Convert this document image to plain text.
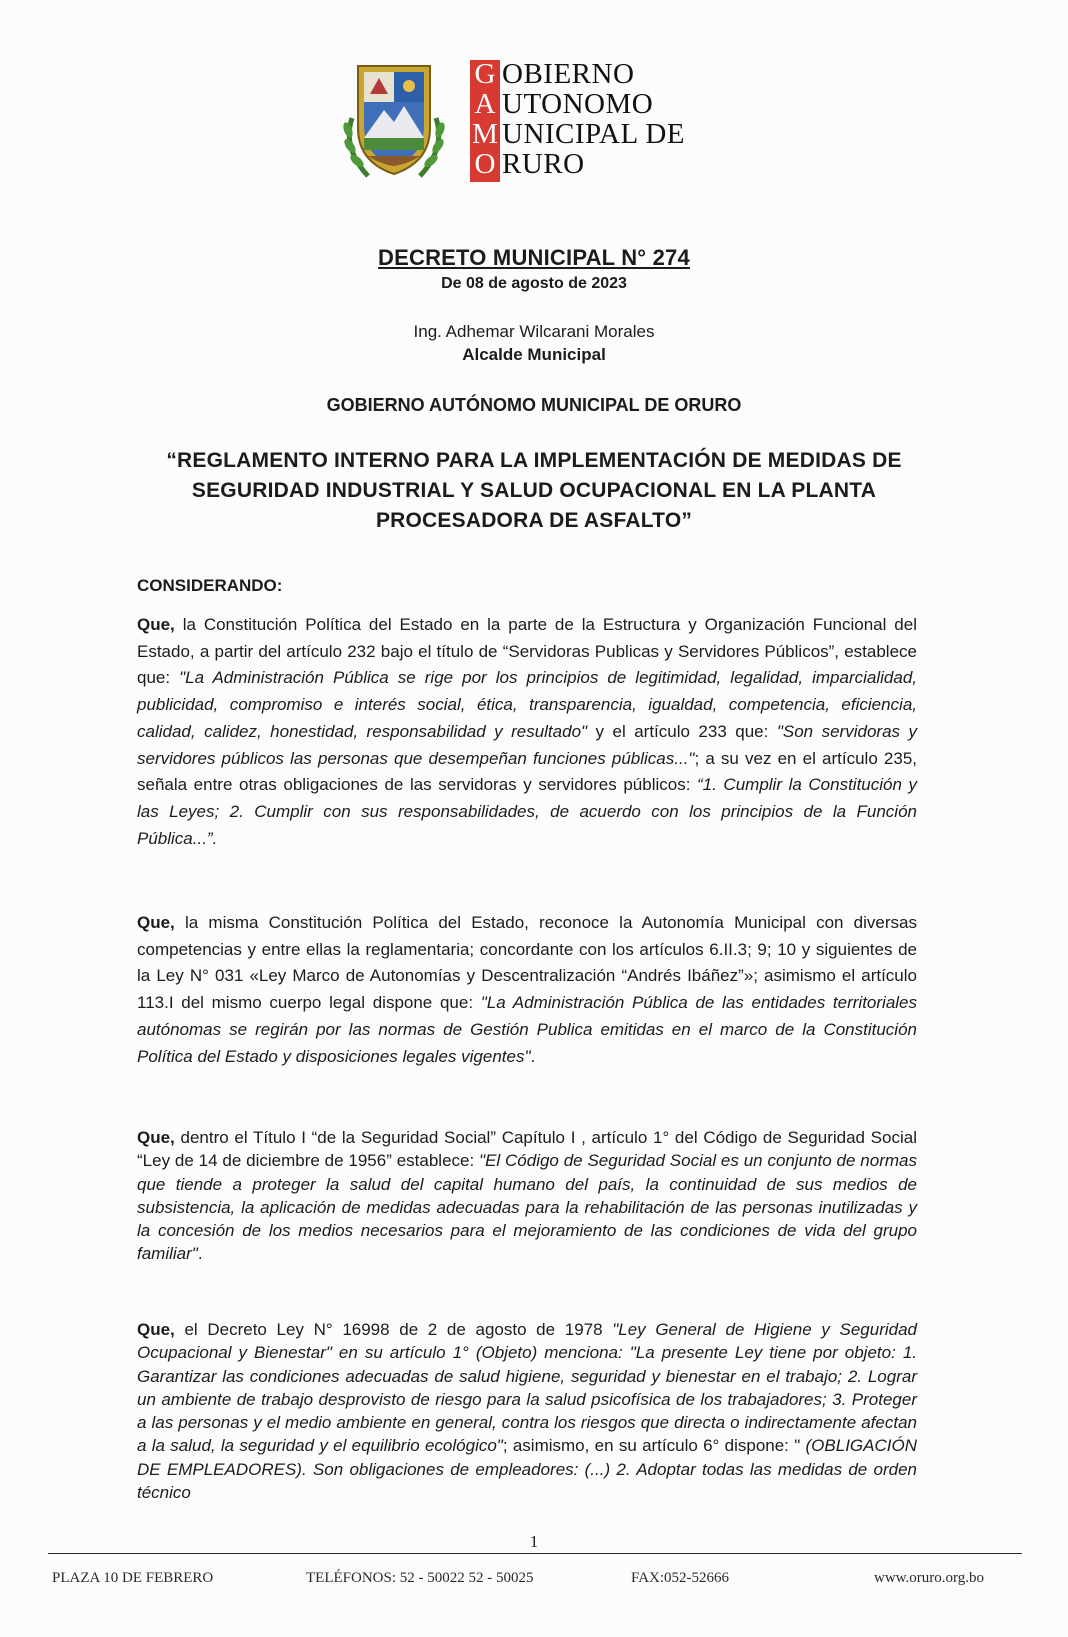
G
A
M
O
OBIERNO
UTONOMO
UNICIPAL DE
RURO
DECRETO MUNICIPAL N° 274
De 08 de agosto de 2023
Ing. Adhemar Wilcarani Morales
Alcalde Municipal
GOBIERNO AUTÓNOMO MUNICIPAL DE ORURO
“REGLAMENTO INTERNO PARA LA IMPLEMENTACIÓN DE MEDIDAS DE SEGURIDAD INDUSTRIAL Y SALUD OCUPACIONAL EN LA PLANTA PROCESADORA DE ASFALTO”
CONSIDERANDO:
Que, la Constitución Política del Estado en la parte de la Estructura y Organización Funcional del Estado, a partir del artículo 232 bajo el título de “Servidoras Publicas y Servidores Públicos”, establece que: "La Administración Pública se rige por los principios de legitimidad, legalidad, imparcialidad, publicidad, compromiso e interés social, ética, transparencia, igualdad, competencia, eficiencia, calidad, calidez, honestidad, responsabilidad y resultado" y el artículo 233 que: "Son servidoras y servidores públicos las personas que desempeñan funciones públicas..."; a su vez en el artículo 235, señala entre otras obligaciones de las servidoras y servidores públicos: “1. Cumplir la Constitución y las Leyes; 2. Cumplir con sus responsabilidades, de acuerdo con los principios de la Función Pública...”.
Que, la misma Constitución Política del Estado, reconoce la Autonomía Municipal con diversas competencias y entre ellas la reglamentaria; concordante con los artículos 6.II.3; 9; 10 y siguientes de la Ley N° 031 «Ley Marco de Autonomías y Descentralización “Andrés Ibáñez”»; asimismo el artículo 113.I del mismo cuerpo legal dispone que: "La Administración Pública de las entidades territoriales autónomas se regirán por las normas de Gestión Publica emitidas en el marco de la Constitución Política del Estado y disposiciones legales vigentes".
Que, dentro el Título I “de la Seguridad Social” Capítulo I , artículo 1° del Código de Seguridad Social “Ley de 14 de diciembre de 1956” establece: "El Código de Seguridad Social es un conjunto de normas que tiende a proteger la salud del capital humano del país, la continuidad de sus medios de subsistencia, la aplicación de medidas adecuadas para la rehabilitación de las personas inutilizadas y la concesión de los medios necesarios para el mejoramiento de las condiciones de vida del grupo familiar".
Que, el Decreto Ley N° 16998 de 2 de agosto de 1978 "Ley General de Higiene y Seguridad Ocupacional y Bienestar" en su artículo 1° (Objeto) menciona: "La presente Ley tiene por objeto: 1. Garantizar las condiciones adecuadas de salud higiene, seguridad y bienestar en el trabajo; 2. Lograr un ambiente de trabajo desprovisto de riesgo para la salud psicofísica de los trabajadores; 3. Proteger a las personas y el medio ambiente en general, contra los riesgos que directa o indirectamente afectan a la salud, la seguridad y el equilibrio ecológico"; asimismo, en su artículo 6° dispone: " (OBLIGACIÓN DE EMPLEADORES). Son obligaciones de empleadores: (...) 2. Adoptar todas las medidas de orden técnico
1
PLAZA 10 DE FEBRERO	TELÉFONOS: 52 - 50022 52 - 50025	FAX:052-52666	www.oruro.org.bo
